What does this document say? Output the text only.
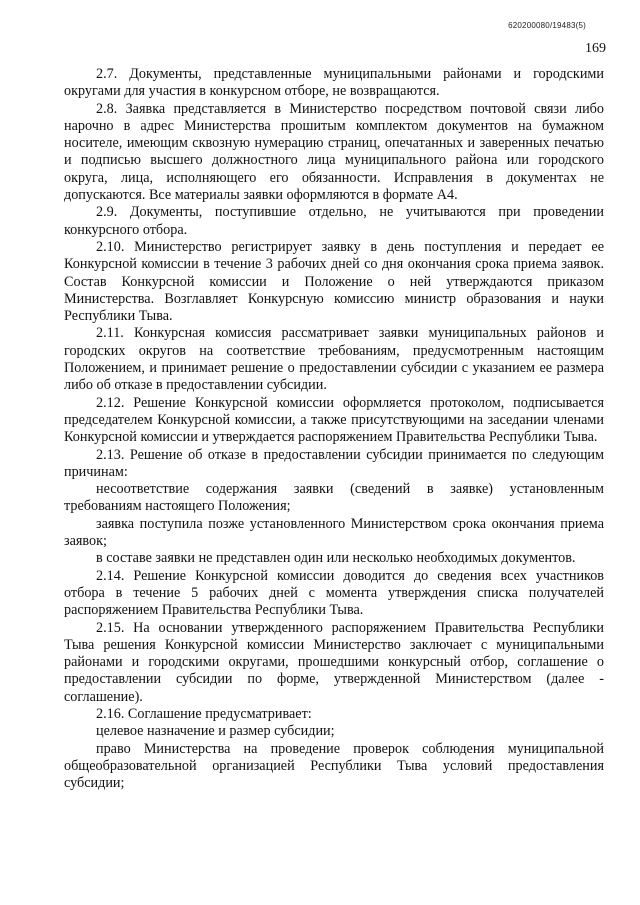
620200080/19483(5)
169

2.7. Документы, представленные муниципальными районами и городскими округами для участия в конкурсном отборе, не возвращаются.

2.8. Заявка представляется в Министерство посредством почтовой связи либо нарочно в адрес Министерства прошитым комплектом документов на бумажном носителе, имеющим сквозную нумерацию страниц, опечатанных и заверенных печатью и подписью высшего должностного лица муниципального района или городского округа, лица, исполняющего его обязанности. Исправления в документах не допускаются. Все материалы заявки оформляются в формате А4.

2.9. Документы, поступившие отдельно, не учитываются при проведении конкурсного отбора.

2.10. Министерство регистрирует заявку в день поступления и передает ее Конкурсной комиссии в течение 3 рабочих дней со дня окончания срока приема заявок. Состав Конкурсной комиссии и Положение о ней утверждаются приказом Министерства. Возглавляет Конкурсную комиссию министр образования и науки Республики Тыва.

2.11. Конкурсная комиссия рассматривает заявки муниципальных районов и городских округов на соответствие требованиям, предусмотренным настоящим Положением, и принимает решение о предоставлении субсидии с указанием ее размера либо об отказе в предоставлении субсидии.

2.12. Решение Конкурсной комиссии оформляется протоколом, подписывается председателем Конкурсной комиссии, а также присутствующими на заседании членами Конкурсной комиссии и утверждается распоряжением Правительства Республики Тыва.

2.13. Решение об отказе в предоставлении субсидии принимается по следующим причинам:

несоответствие содержания заявки (сведений в заявке) установленным требованиям настоящего Положения;

заявка поступила позже установленного Министерством срока окончания приема заявок;

в составе заявки не представлен один или несколько необходимых документов.

2.14. Решение Конкурсной комиссии доводится до сведения всех участников отбора в течение 5 рабочих дней с момента утверждения списка получателей распоряжением Правительства Республики Тыва.

2.15. На основании утвержденного распоряжением Правительства Республики Тыва решения Конкурсной комиссии Министерство заключает с муниципальными районами и городскими округами, прошедшими конкурсный отбор, соглашение о предоставлении субсидии по форме, утвержденной Министерством (далее - соглашение).

2.16. Соглашение предусматривает:

целевое назначение и размер субсидии;

право Министерства на проведение проверок соблюдения муниципальной общеобразовательной организацией Республики Тыва условий предоставления субсидии;
